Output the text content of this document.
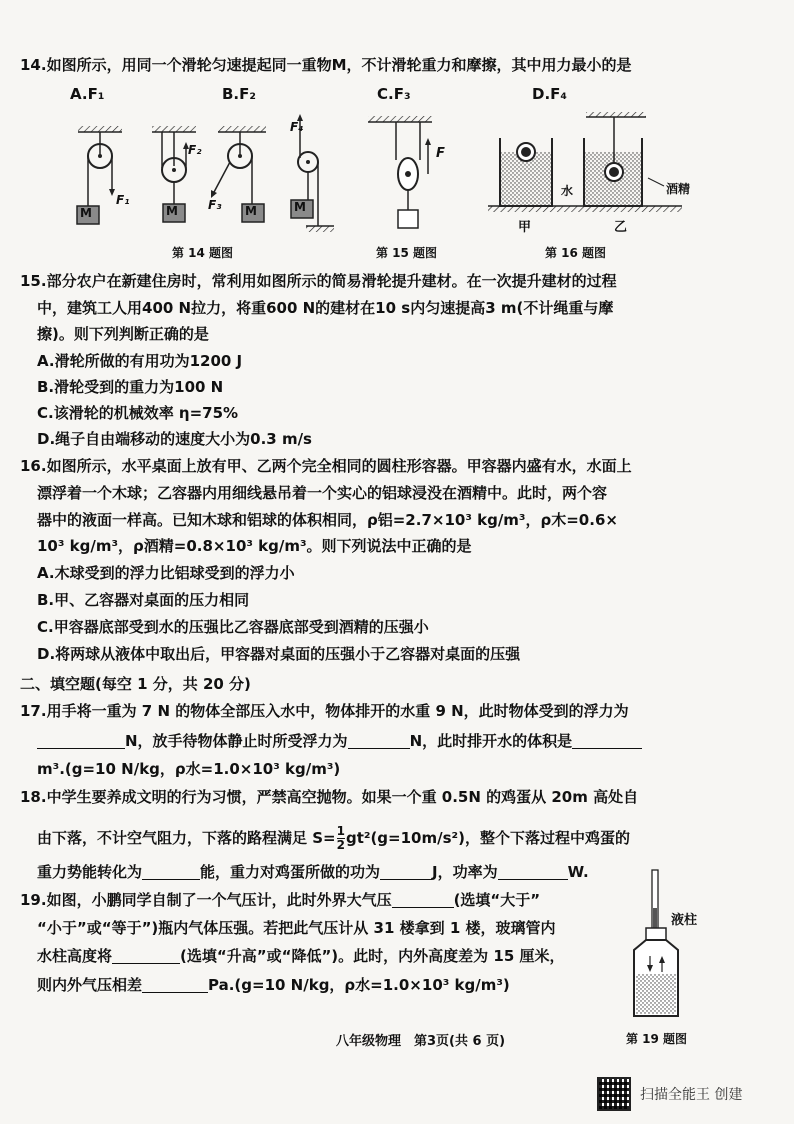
14.如图所示，用同一个滑轮匀速提起同一重物M，不计滑轮重力和摩擦，其中用力最小的是
A.F₁	B.F₂	C.F₃	D.F₄
M	M	M	M
F₁
F₂
F₃
F₄
第 14 题图
F
第 15 题图
水	酒精
甲	乙
第 16 题图
15.部分农户在新建住房时，常利用如图所示的简易滑轮提升建材。在一次提升建材的过程
中，建筑工人用400 N拉力，将重600 N的建材在10 s内匀速提高3 m(不计绳重与摩
擦)。则下列判断正确的是
A.滑轮所做的有用功为1200 J
B.滑轮受到的重力为100 N
C.该滑轮的机械效率 η=75%
D.绳子自由端移动的速度大小为0.3 m/s
16.如图所示，水平桌面上放有甲、乙两个完全相同的圆柱形容器。甲容器内盛有水，水面上
漂浮着一个木球；乙容器内用细线悬吊着一个实心的铝球浸没在酒精中。此时，两个容
器中的液面一样高。已知木球和铝球的体积相同，ρ铝=2.7×10³ kg/m³，ρ木=0.6×
10³ kg/m³，ρ酒精=0.8×10³ kg/m³。则下列说法中正确的是
A.木球受到的浮力比铝球受到的浮力小
B.甲、乙容器对桌面的压力相同
C.甲容器底部受到水的压强比乙容器底部受到酒精的压强小
D.将两球从液体中取出后，甲容器对桌面的压强小于乙容器对桌面的压强
二、填空题(每空 1 分，共 20 分)
17.用手将一重为 7 N 的物体全部压入水中，物体排开的水重 9 N，此时物体受到的浮力为
N，放手待物体静止时所受浮力为	N，此时排开水的体积是
m³.(g=10 N/kg，ρ水=1.0×10³ kg/m³)
18.中学生要养成文明的行为习惯，严禁高空抛物。如果一个重 0.5N 的鸡蛋从 20m 高处自
由下落，不计空气阻力，下落的路程满足 $S= \frac{1}{2} gt^2(g=10m/s^2)$，整个下落过程中鸡蛋的
重力势能转化为	能，重力对鸡蛋所做的功为	J，功率为	W.
19.如图，小鹏同学自制了一个气压计，此时外界大气压	(选填“大于”
“小于”或“等于”)瓶内气体压强。若把此气压计从 31 楼拿到 1 楼，玻璃管内
水柱高度将	(选填“升高”或“降低”)。此时，内外高度差为 15 厘米，
则内外气压相差	Pa.(g=10 N/kg，ρ水=1.0×10³ kg/m³)
液柱
第 19 题图
八年级物理　第3页(共 6 页)
扫描全能王 创建
